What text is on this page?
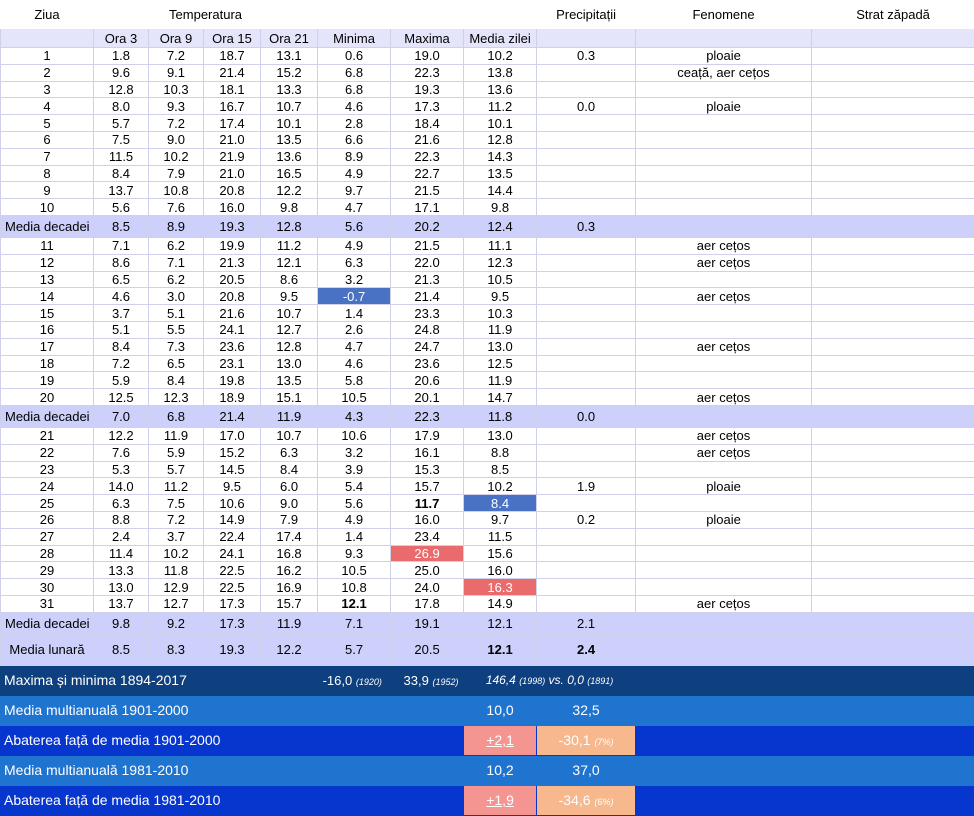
Ziua	Temperatura							Precipitații	Fenomene	Strat zăpadă
	Ora 3	Ora 9	Ora 15	Ora 21	Minima	Maxima	Media zilei			
1	1.8	7.2	18.7	13.1	0.6	19.0	10.2	0.3	ploaie	
2	9.6	9.1	21.4	15.2	6.8	22.3	13.8		ceață, aer cețos	
3	12.8	10.3	18.1	13.3	6.8	19.3	13.6			
4	8.0	9.3	16.7	10.7	4.6	17.3	11.2	0.0	ploaie	
5	5.7	7.2	17.4	10.1	2.8	18.4	10.1			
6	7.5	9.0	21.0	13.5	6.6	21.6	12.8			
7	11.5	10.2	21.9	13.6	8.9	22.3	14.3			
8	8.4	7.9	21.0	16.5	4.9	22.7	13.5			
9	13.7	10.8	20.8	12.2	9.7	21.5	14.4			
10	5.6	7.6	16.0	9.8	4.7	17.1	9.8			
Media decadei	8.5	8.9	19.3	12.8	5.6	20.2	12.4	0.3		
11	7.1	6.2	19.9	11.2	4.9	21.5	11.1		aer cețos	
12	8.6	7.1	21.3	12.1	6.3	22.0	12.3		aer cețos	
13	6.5	6.2	20.5	8.6	3.2	21.3	10.5			
14	4.6	3.0	20.8	9.5	-0.7	21.4	9.5		aer cețos	
15	3.7	5.1	21.6	10.7	1.4	23.3	10.3			
16	5.1	5.5	24.1	12.7	2.6	24.8	11.9			
17	8.4	7.3	23.6	12.8	4.7	24.7	13.0		aer cețos	
18	7.2	6.5	23.1	13.0	4.6	23.6	12.5			
19	5.9	8.4	19.8	13.5	5.8	20.6	11.9			
20	12.5	12.3	18.9	15.1	10.5	20.1	14.7		aer cețos	
Media decadei	7.0	6.8	21.4	11.9	4.3	22.3	11.8	0.0		
21	12.2	11.9	17.0	10.7	10.6	17.9	13.0		aer cețos	
22	7.6	5.9	15.2	6.3	3.2	16.1	8.8		aer cețos	
23	5.3	5.7	14.5	8.4	3.9	15.3	8.5			
24	14.0	11.2	9.5	6.0	5.4	15.7	10.2	1.9	ploaie	
25	6.3	7.5	10.6	9.0	5.6	11.7	8.4			
26	8.8	7.2	14.9	7.9	4.9	16.0	9.7	0.2	ploaie	
27	2.4	3.7	22.4	17.4	1.4	23.4	11.5			
28	11.4	10.2	24.1	16.8	9.3	26.9	15.6			
29	13.3	11.8	22.5	16.2	10.5	25.0	16.0			
30	13.0	12.9	22.5	16.9	10.8	24.0	16.3			
31	13.7	12.7	17.3	15.7	12.1	17.8	14.9		aer cețos	
Media decadei	9.8	9.2	17.3	11.9	7.1	19.1	12.1	2.1		
Media lunară	8.5	8.3	19.3	12.2	5.7	20.5	12.1	2.4		
Maxima și minima 1894-2017					-16,0 (1920) 33,9 (1952)		146,4 (1998) vs. 0,0 (1891)			
Media multianuală 1901-2000							10,0	32,5		
Abaterea față de media 1901-2000							+2,1	-30,1 (7%)		
Media multianuală 1981-2010							10,2	37,0		
Abaterea față de media 1981-2010							+1,9	-34,6 (6%)		
